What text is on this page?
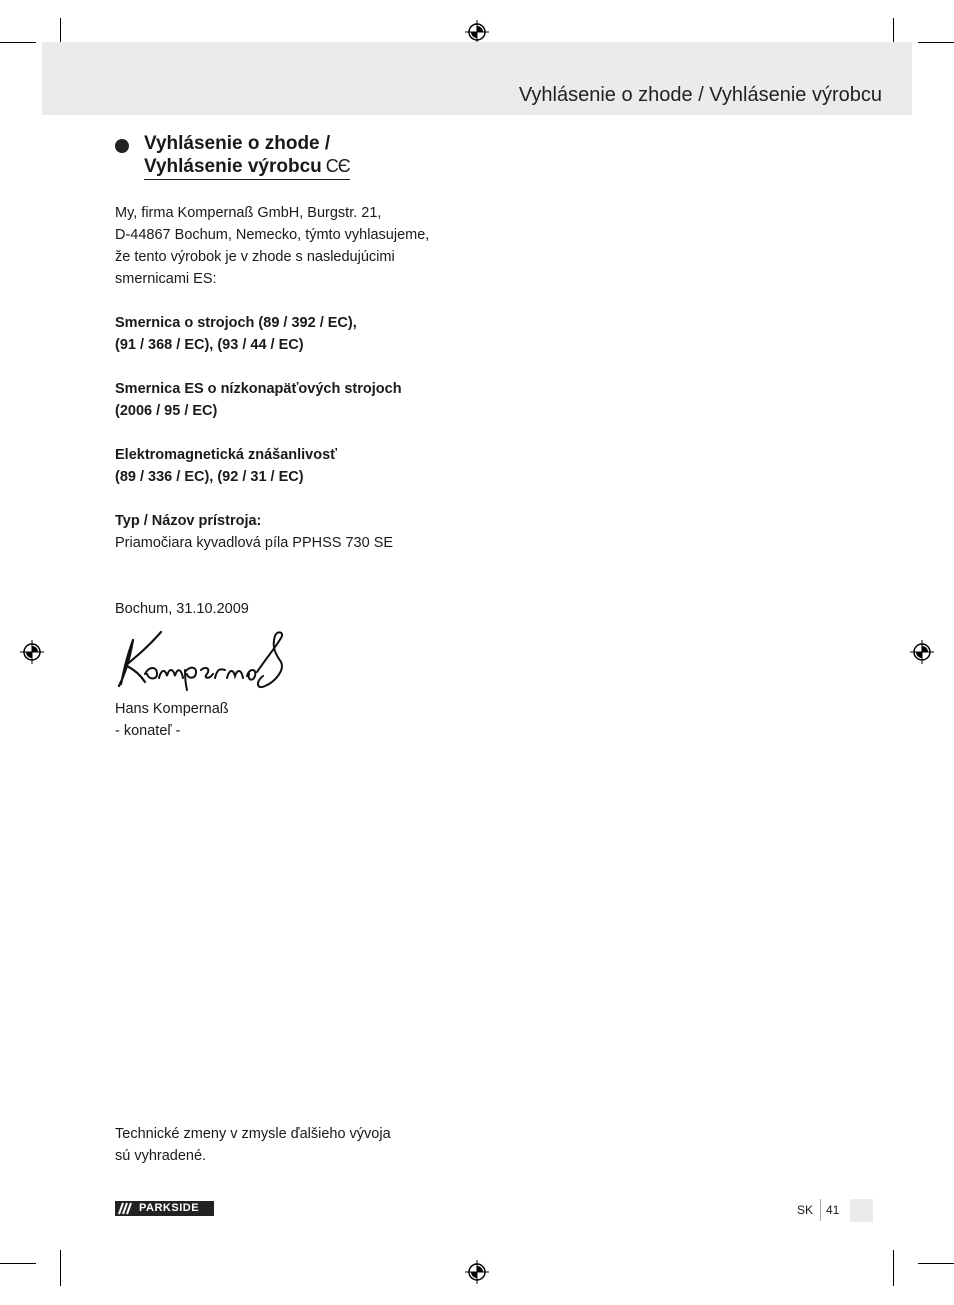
Vyhlásenie o zhode / Vyhlásenie výrobcu
Vyhlásenie o zhode /
Vyhlásenie výrobcu CЄ

My, firma Kompernaß GmbH, Burgstr. 21,
D-44867 Bochum, Nemecko, týmto vyhlasujeme,
že tento výrobok je v zhode s nasledujúcimi
smernicami ES:

Smernica o strojoch (89 / 392 / EC),
(91 / 368 / EC), (93 / 44 / EC)

Smernica ES o nízkonapäťových strojoch
(2006 / 95 / EC)

Elektromagnetická znášanlivosť
(89 / 336 / EC), (92 / 31 / EC)

Typ / Názov prístroja:
Priamočiara kyvadlová píla PPHSS 730 SE

Bochum, 31.10.2009

Hans Kompernaß
- konateľ -

Technické zmeny v zmysle ďalšieho vývoja
sú vyhradené.
PARKSIDE	SK 41
